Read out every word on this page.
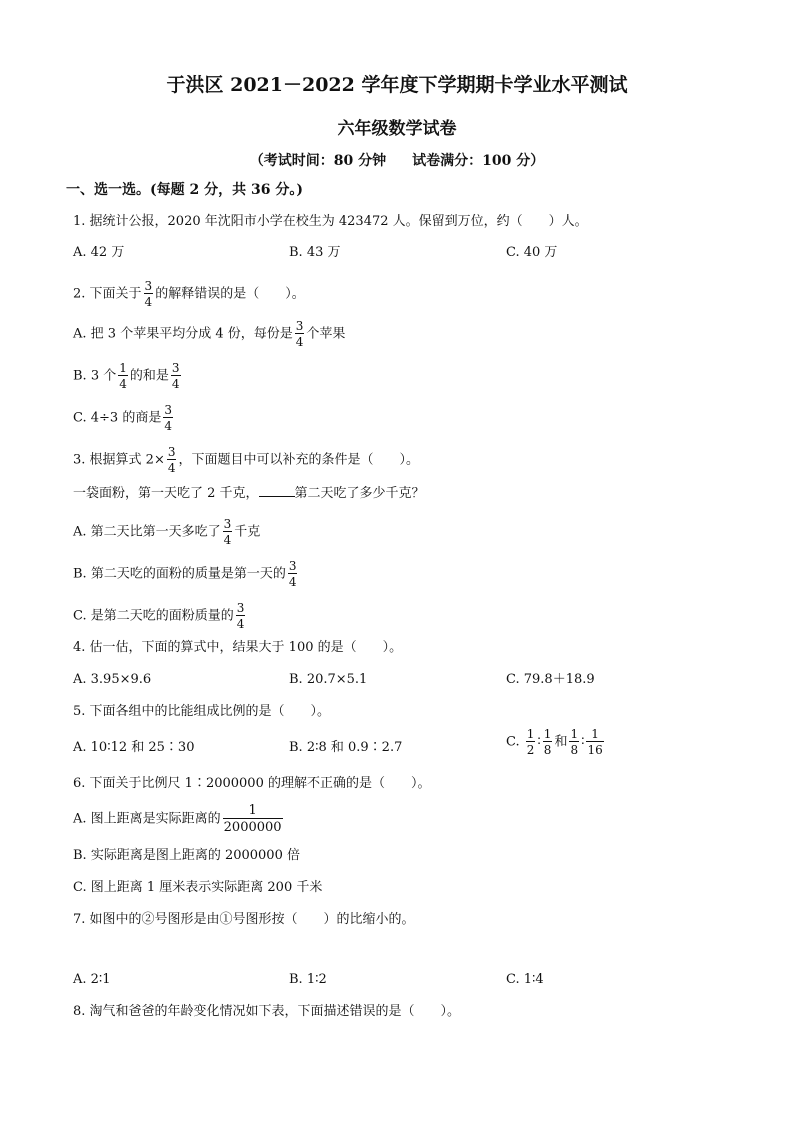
于洪区 2021－2022 学年度下学期期卡学业水平测试
六年级数学试卷
（考试时间：80 分钟 试卷满分：100 分）
一、选一选。(每题 2 分，共 36 分。)
1. 据统计公报，2020 年沈阳市小学在校生为 423472 人。保留到万位，约（　　）人。
A. 42 万	B. 43 万	C. 40 万
2. 下面关于 $\frac{3}{4}$ 的解释错误的是（　　）。
A. 把 3 个苹果平均分成 4 份，每份是 $\frac{3}{4}$ 个苹果
B. 3 个 $\frac{1}{4}$ 的和是 $\frac{3}{4}$
C. 4÷3 的商是 $\frac{3}{4}$
3. 根据算式 $2\times \frac{3}{4}$ ，下面题目中可以补充的条件是（　　）。
一袋面粉，第一天吃了 2 千克，	第二天吃了多少千克？
A. 第二天比第一天多吃了 $\frac{3}{4}$ 千克
B. 第二天吃的面粉的质量是第一天的 $\frac{3}{4}$
C. 是第二天吃的面粉质量的 $\frac{3}{4}$
4. 估一估，下面的算式中，结果大于 100 的是（　　）。
A. 3.95×9.6	B. 20.7×5.1	C. 79.8＋18.9
5. 下面各组中的比能组成比例的是（　　）。
A. 10∶12 和 25∶30	B. 2∶8 和 0.9∶2.7	C. $\frac{1}{2}$ ∶ $\frac{1}{8}$ 和 $\frac{1}{8}$ ∶ $\frac{1}{16}$
6. 下面关于比例尺 1∶2000000 的理解不正确的是（　　）。
A. 图上距离是实际距离的 $\frac{1}{2000000}$
B. 实际距离是图上距离的 2000000 倍
C. 图上距离 1 厘米表示实际距离 200 千米
7. 如图中的②号图形是由①号图形按（　　）的比缩小的。
A. 2∶1	B. 1∶2	C. 1∶4
8. 淘气和爸爸的年龄变化情况如下表，下面描述错误的是（　　）。
